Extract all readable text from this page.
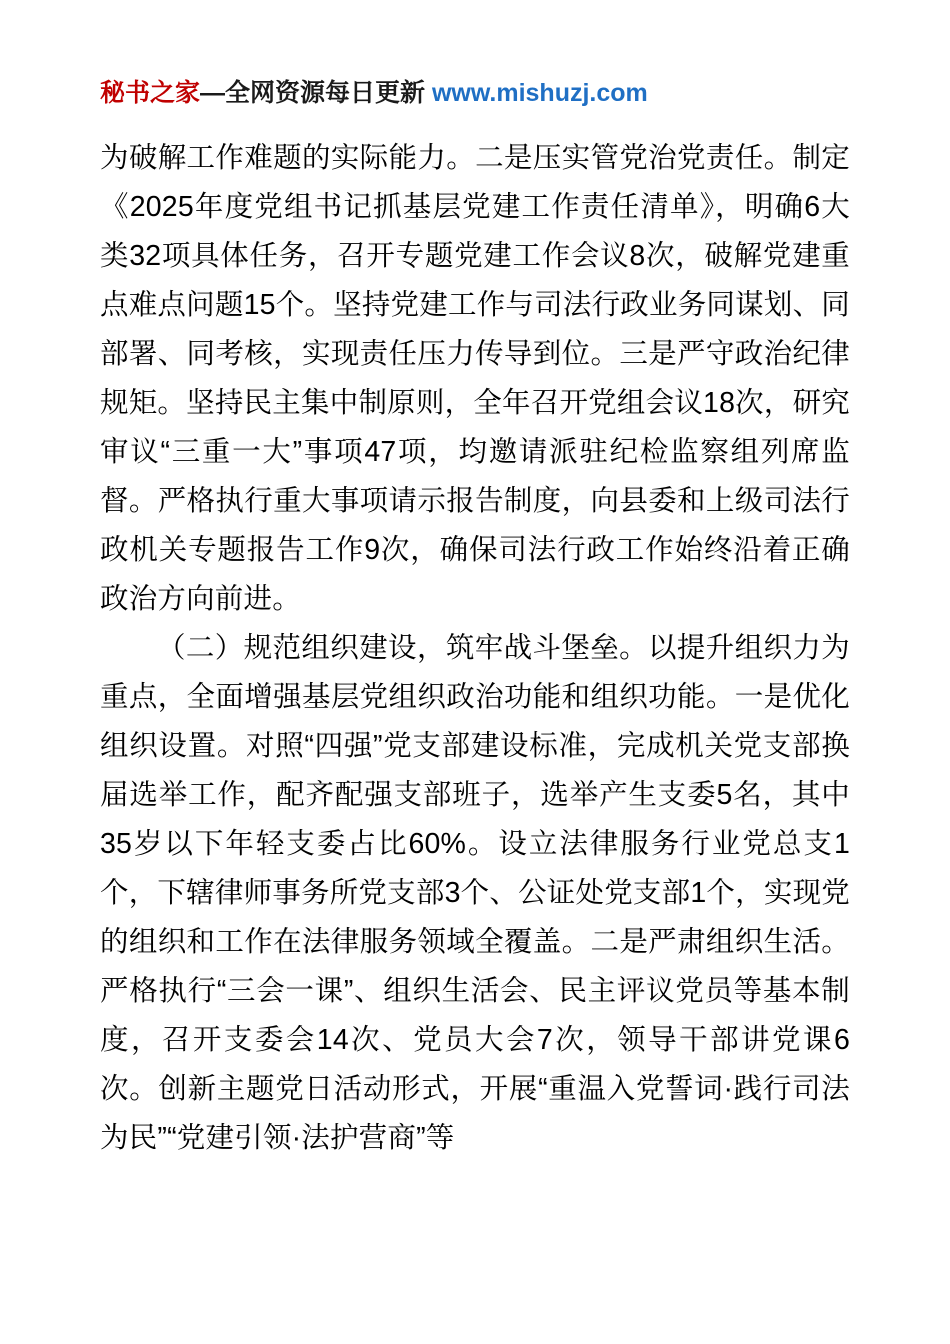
秘书之家—全网资源每日更新 www.mishuzj.com

为破解工作难题的实际能力。二是压实管党治党责任。制定《2025年度党组书记抓基层党建工作责任清单》，明确6大类32项具体任务，召开专题党建工作会议8次，破解党建重点难点问题15个。坚持党建工作与司法行政业务同谋划、同部署、同考核，实现责任压力传导到位。三是严守政治纪律规矩。坚持民主集中制原则，全年召开党组会议18次，研究审议“三重一大”事项47项，均邀请派驻纪检监察组列席监督。严格执行重大事项请示报告制度，向县委和上级司法行政机关专题报告工作9次，确保司法行政工作始终沿着正确政治方向前进。

（二）规范组织建设，筑牢战斗堡垒。以提升组织力为重点，全面增强基层党组织政治功能和组织功能。一是优化组织设置。对照“四强”党支部建设标准，完成机关党支部换届选举工作，配齐配强支部班子，选举产生支委5名，其中35岁以下年轻支委占比60%。设立法律服务行业党总支1个，下辖律师事务所党支部3个、公证处党支部1个，实现党的组织和工作在法律服务领域全覆盖。二是严肃组织生活。严格执行“三会一课”、组织生活会、民主评议党员等基本制度，召开支委会14次、党员大会7次，领导干部讲党课6次。创新主题党日活动形式，开展“重温入党誓词·践行司法为民”“党建引领·法护营商”等
